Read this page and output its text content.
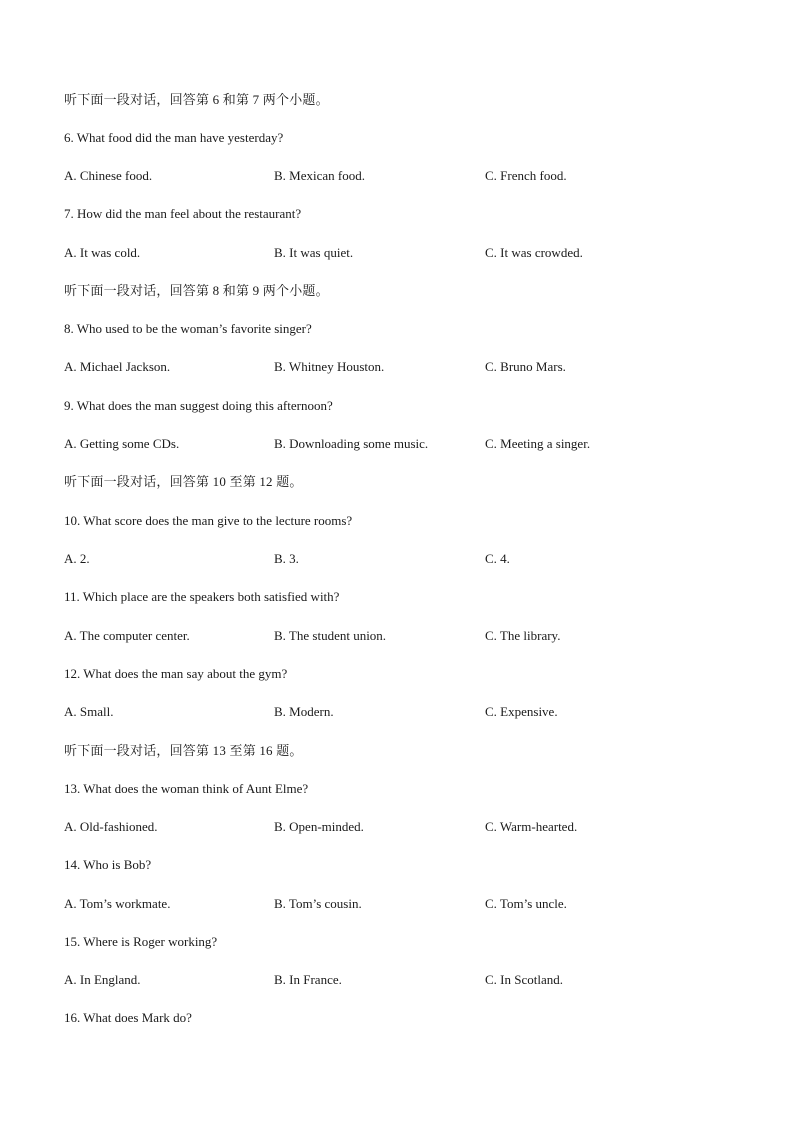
听下面一段对话，回答第 6 和第 7 两个小题。
6. What food did the man have yesterday?
A. Chinese food.	B. Mexican food.	C. French food.
7. How did the man feel about the restaurant?
A. It was cold.	B. It was quiet.	C. It was crowded.
听下面一段对话，回答第 8 和第 9 两个小题。
8. Who used to be the woman’s favorite singer?
A. Michael Jackson.	B. Whitney Houston.	C. Bruno Mars.
9. What does the man suggest doing this afternoon?
A. Getting some CDs.	B. Downloading some music.	C. Meeting a singer.
听下面一段对话，回答第 10 至第 12 题。
10. What score does the man give to the lecture rooms?
A. 2.	B. 3.	C. 4.
11. Which place are the speakers both satisfied with?
A. The computer center.	B. The student union.	C. The library.
12. What does the man say about the gym?
A. Small.	B. Modern.	C. Expensive.
听下面一段对话，回答第 13 至第 16 题。
13. What does the woman think of Aunt Elme?
A. Old-fashioned.	B. Open-minded.	C. Warm-hearted.
14. Who is Bob?
A. Tom’s workmate.	B. Tom’s cousin.	C. Tom’s uncle.
15. Where is Roger working?
A. In England.	B. In France.	C. In Scotland.
16. What does Mark do?
